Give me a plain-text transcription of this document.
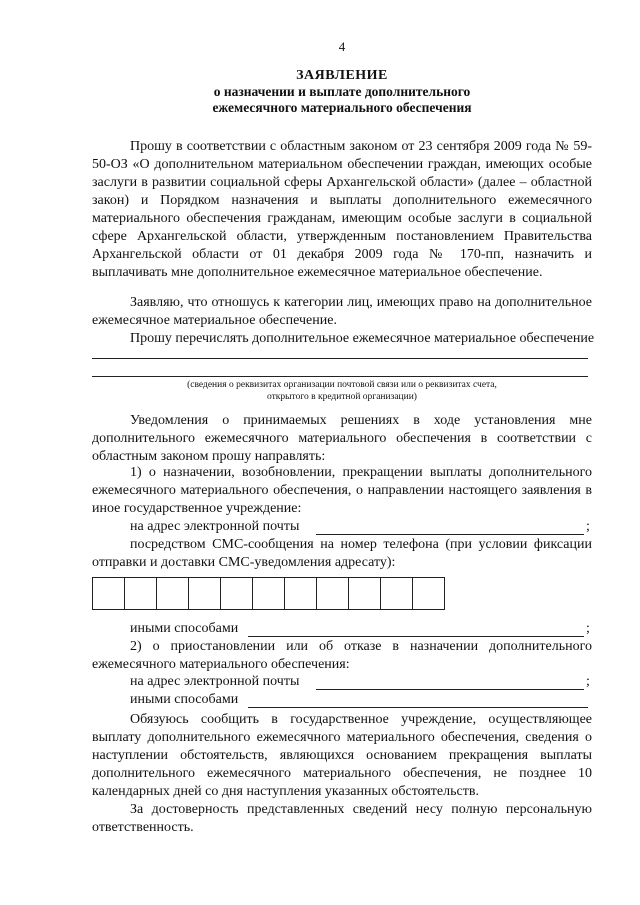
4
ЗАЯВЛЕНИЕ
о назначении и выплате дополнительного
ежемесячного материального обеспечения
Прошу в соответствии с областным законом от 23 сентября 2009 года № 59-50-ОЗ «О дополнительном материальном обеспечении граждан, имеющих особые заслуги в развитии социальной сферы Архангельской области» (далее – областной закон) и Порядком назначения и выплаты дополнительного ежемесячного материального обеспечения гражданам, имеющим особые заслуги в социальной сфере Архангельской области, утвержденным постановлением Правительства Архангельской области от 01 декабря 2009 года № 170-пп, назначить и выплачивать мне дополнительное ежемесячное материальное обеспечение.
Заявляю, что отношусь к категории лиц, имеющих право на дополнительное ежемесячное материальное обеспечение.
Прошу перечислять дополнительное ежемесячное материальное обеспечение
(сведения о реквизитах организации почтовой связи или о реквизитах счета,
открытого в кредитной организации)
Уведомления о принимаемых решениях в ходе установления мне дополнительного ежемесячного материального обеспечения в соответствии с областным законом прошу направлять:
1) о назначении, возобновлении, прекращении выплаты дополнительного ежемесячного материального обеспечения, о направлении настоящего заявления в иное государственное учреждение:
на адрес электронной почты	;
посредством СМС-сообщения на номер телефона (при условии фиксации отправки и доставки СМС-уведомления адресату):
иными способами	;
2) о приостановлении или об отказе в назначении дополнительного ежемесячного материального обеспечения:
на адрес электронной почты	;
иными способами
Обязуюсь сообщить в государственное учреждение, осуществляющее выплату дополнительного ежемесячного материального обеспечения, сведения о наступлении обстоятельств, являющихся основанием прекращения выплаты дополнительного ежемесячного материального обеспечения, не позднее 10 календарных дней со дня наступления указанных обстоятельств.
За достоверность представленных сведений несу полную персональную ответственность.
